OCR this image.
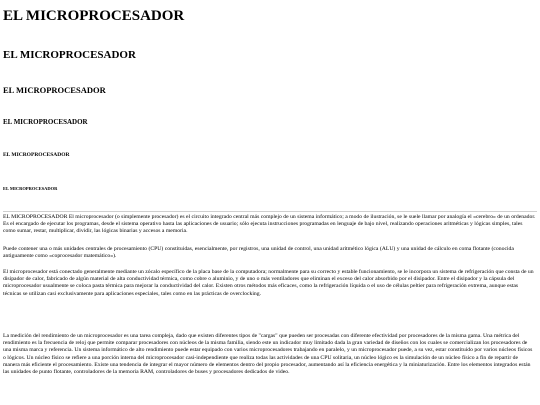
EL MICROPROCESADOR
EL MICROPROCESADOR
EL MICROPROCESADOR
EL MICROPROCESADOR
EL MICROPROCESADOR
EL MICROPROCESADOR

EL MICROPROCESADOR El microprocesador (o simplemente procesador) es el circuito integrado central más complejo de un sistema informático; a modo de ilustración, se le suele llamar por analogía el «cerebro» de un ordenador. Es el encargado de ejecutar los programas, desde el sistema operativo hasta las aplicaciones de usuario; sólo ejecuta instrucciones programadas en lenguaje de bajo nivel, realizando operaciones aritméticas y lógicas simples, tales como sumar, restar, multiplicar, dividir, las lógicas binarias y accesos a memoria.

Puede contener una o más unidades centrales de procesamiento (CPU) constituidas, esencialmente, por registros, una unidad de control, una unidad aritmético lógica (ALU) y una unidad de cálculo en coma flotante (conocida antiguamente como «coprocesador matemático»).

El microprocesador está conectado generalmente mediante un zócalo específico de la placa base de la computadora; normalmente para su correcto y estable funcionamiento, se le incorpora un sistema de refrigeración que consta de un disipador de calor, fabricado de algún material de alta conductividad térmica, como cobre o aluminio, y de uno o más ventiladores que eliminan el exceso del calor absorbido por el disipador. Entre el disipador y la cápsula del microprocesador usualmente se coloca pasta térmica para mejorar la conductividad del calor. Existen otros métodos más eficaces, como la refrigeración líquida o el uso de células peltier para refrigeración extrema, aunque estas técnicas se utilizan casi exclusivamente para aplicaciones especiales, tales como en las prácticas de overclocking.

La medición del rendimiento de un microprocesador es una tarea compleja, dado que existen diferentes tipos de "cargas" que pueden ser procesadas con diferente efectividad por procesadores de la misma gama. Una métrica del rendimiento es la frecuencia de reloj que permite comparar procesadores con núcleos de la misma familia, siendo este un indicador muy limitado dada la gran variedad de diseños con los cuales se comercializan los procesadores de una misma marca y referencia. Un sistema informático de alto rendimiento puede estar equipado con varios microprocesadores trabajando en paralelo, y un microprocesador puede, a su vez, estar constituido por varios núcleos físicos o lógicos. Un núcleo físico se refiere a una porción interna del microprocesador casi-independiente que realiza todas las actividades de una CPU solitaria, un núcleo lógico es la simulación de un núcleo físico a fin de repartir de manera más eficiente el procesamiento. Existe una tendencia de integrar el mayor número de elementos dentro del propio procesador, aumentando así la eficiencia energética y la miniaturización. Entre los elementos integrados están las unidades de punto flotante, controladores de la memoria RAM, controladores de buses y procesadores dedicados de video.
